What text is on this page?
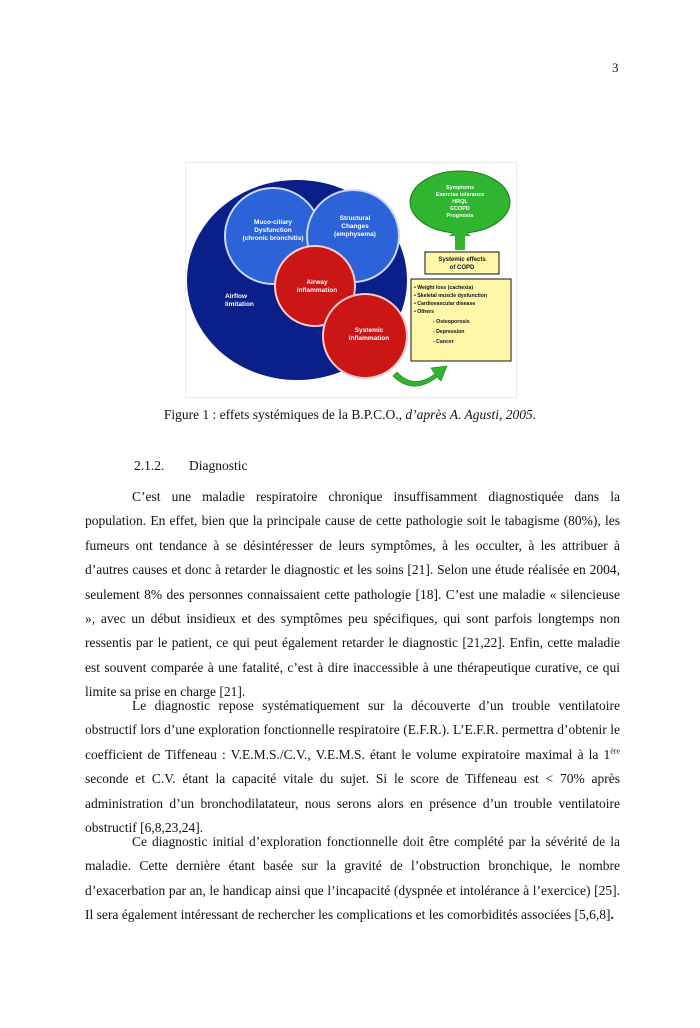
3
Muco-ciliary
Dysfunction
(chronic bronchitis)
Structural
Changes
(emphysema)
Airway
inflammation
Systemic
inflammation
Airflow
limitation
Symptoms
Exercise tolerance
HRQL
ECOPD
Prognosis
Systemic effects
of COPD
• Weight loss (cachexia)
• Skeletal muscle dysfunction
• Cardiovascular disease
• Others
- Osteoporosis
- Depression
- Cancer
Figure 1 : effets systémiques de la B.P.C.O., d’après A. Agusti, 2005.
2.1.2. Diagnostic

C’est une maladie respiratoire chronique insuffisamment diagnostiquée dans la population. En effet, bien que la principale cause de cette pathologie soit le tabagisme (80%), les fumeurs ont tendance à se désintéresser de leurs symptômes, à les occulter, à les attribuer à d’autres causes et donc à retarder le diagnostic et les soins [21]. Selon une étude réalisée en 2004, seulement 8% des personnes connaissaient cette pathologie [18]. C’est une maladie « silencieuse », avec un début insidieux et des symptômes peu spécifiques, qui sont parfois longtemps non ressentis par le patient, ce qui peut également retarder le diagnostic [21,22]. Enfin, cette maladie est souvent comparée à une fatalité, c’est à dire inaccessible à une thérapeutique curative, ce qui limite sa prise en charge [21].

Le diagnostic repose systématiquement sur la découverte d’un trouble ventilatoire obstructif lors d’une exploration fonctionnelle respiratoire (E.F.R.). L’E.F.R. permettra d’obtenir le coefficient de Tiffeneau : V.E.M.S./C.V., V.E.M.S. étant le volume expiratoire maximal à la 1ère seconde et C.V. étant la capacité vitale du sujet. Si le score de Tiffeneau est < 70% après administration d’un bronchodilatateur, nous serons alors en présence d’un trouble ventilatoire obstructif [6,8,23,24].

Ce diagnostic initial d’exploration fonctionnelle doit être complété par la sévérité de la maladie. Cette dernière étant basée sur la gravité de l’obstruction bronchique, le nombre d’exacerbation par an, le handicap ainsi que l’incapacité (dyspnée et intolérance à l’exercice) [25]. Il sera également intéressant de rechercher les complications et les comorbidités associées [5,6,8].
